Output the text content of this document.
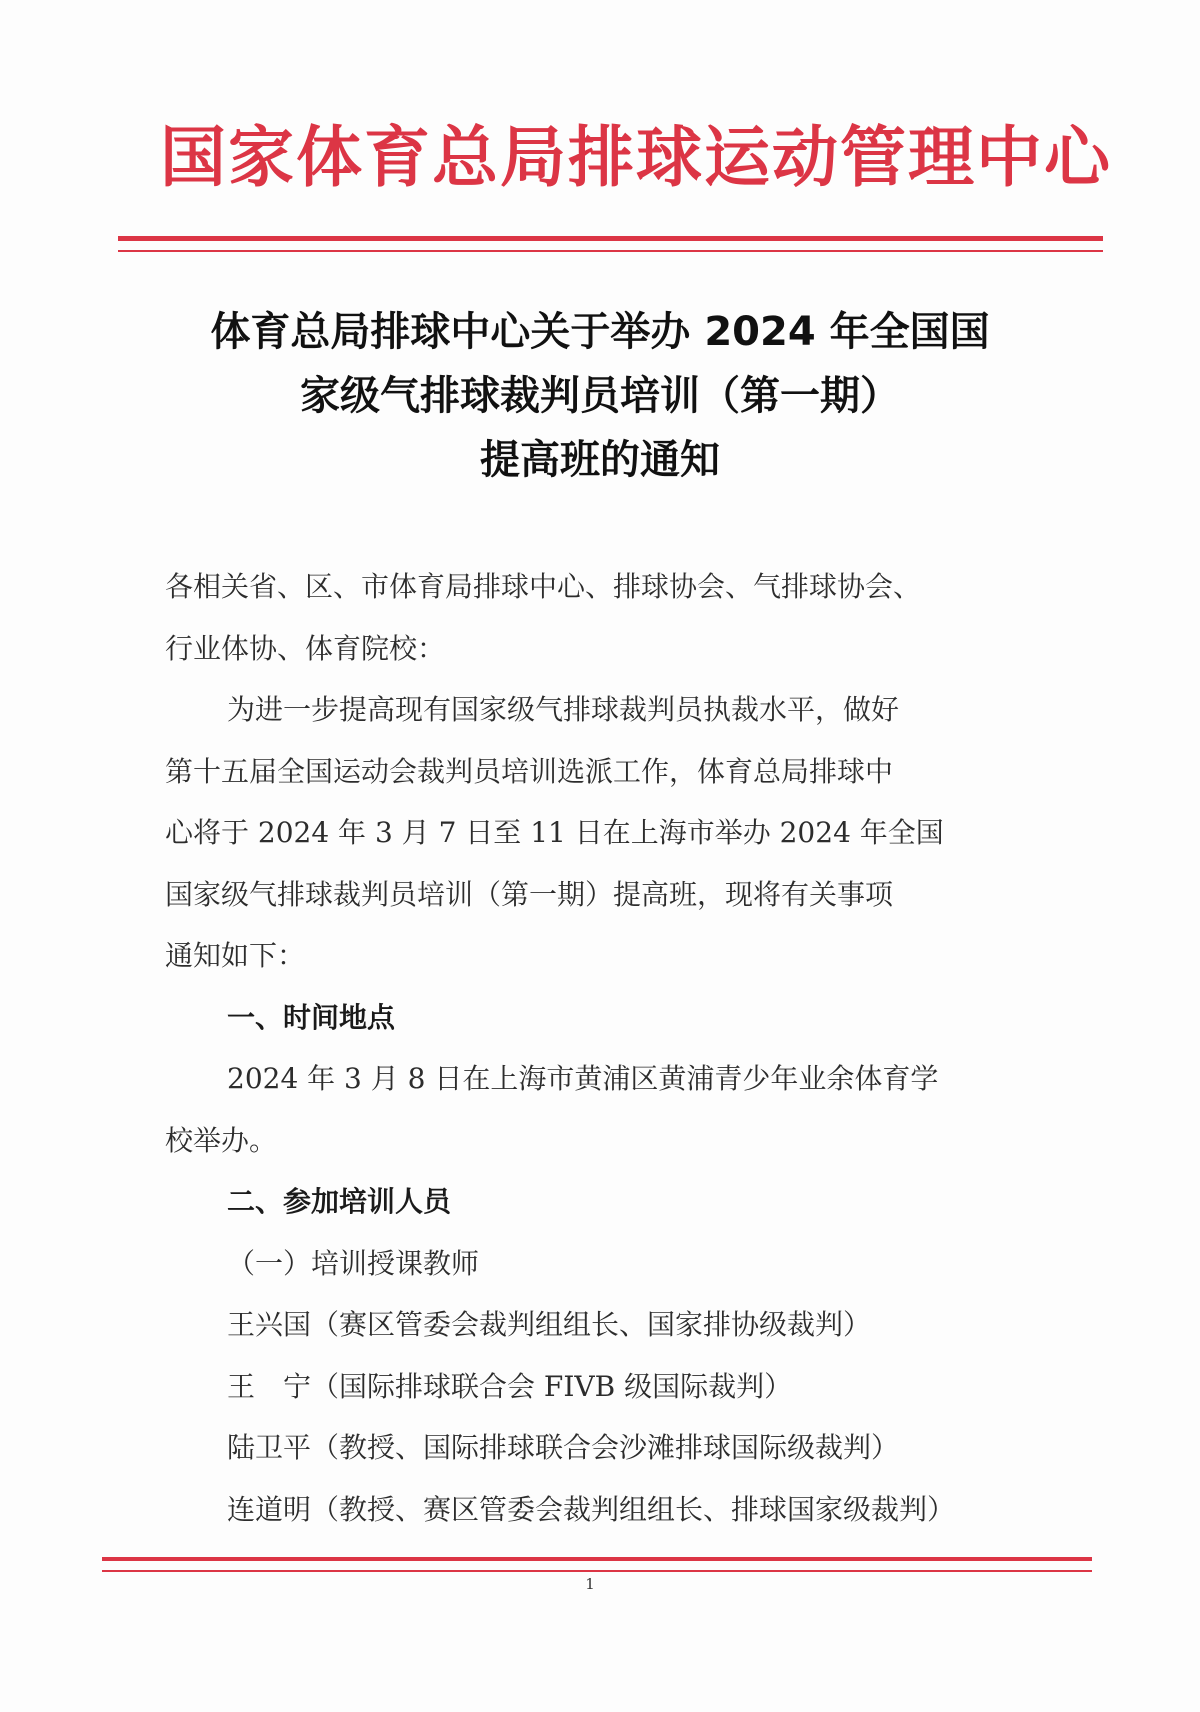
国家体育总局排球运动管理中心
体育总局排球中心关于举办 2024 年全国国
家级气排球裁判员培训（第一期）
提高班的通知
各相关省、区、市体育局排球中心、排球协会、气排球协会、
行业体协、体育院校：
为进一步提高现有国家级气排球裁判员执裁水平，做好
第十五届全国运动会裁判员培训选派工作，体育总局排球中
心将于 2024 年 3 月 7 日至 11 日在上海市举办 2024 年全国
国家级气排球裁判员培训（第一期）提高班，现将有关事项
通知如下：
一、时间地点
2024 年 3 月 8 日在上海市黄浦区黄浦青少年业余体育学
校举办。
二、参加培训人员
（一）培训授课教师
王兴国（赛区管委会裁判组组长、国家排协级裁判）
王　宁（国际排球联合会 FIVB 级国际裁判）
陆卫平（教授、国际排球联合会沙滩排球国际级裁判）
连道明（教授、赛区管委会裁判组组长、排球国家级裁判）
1
